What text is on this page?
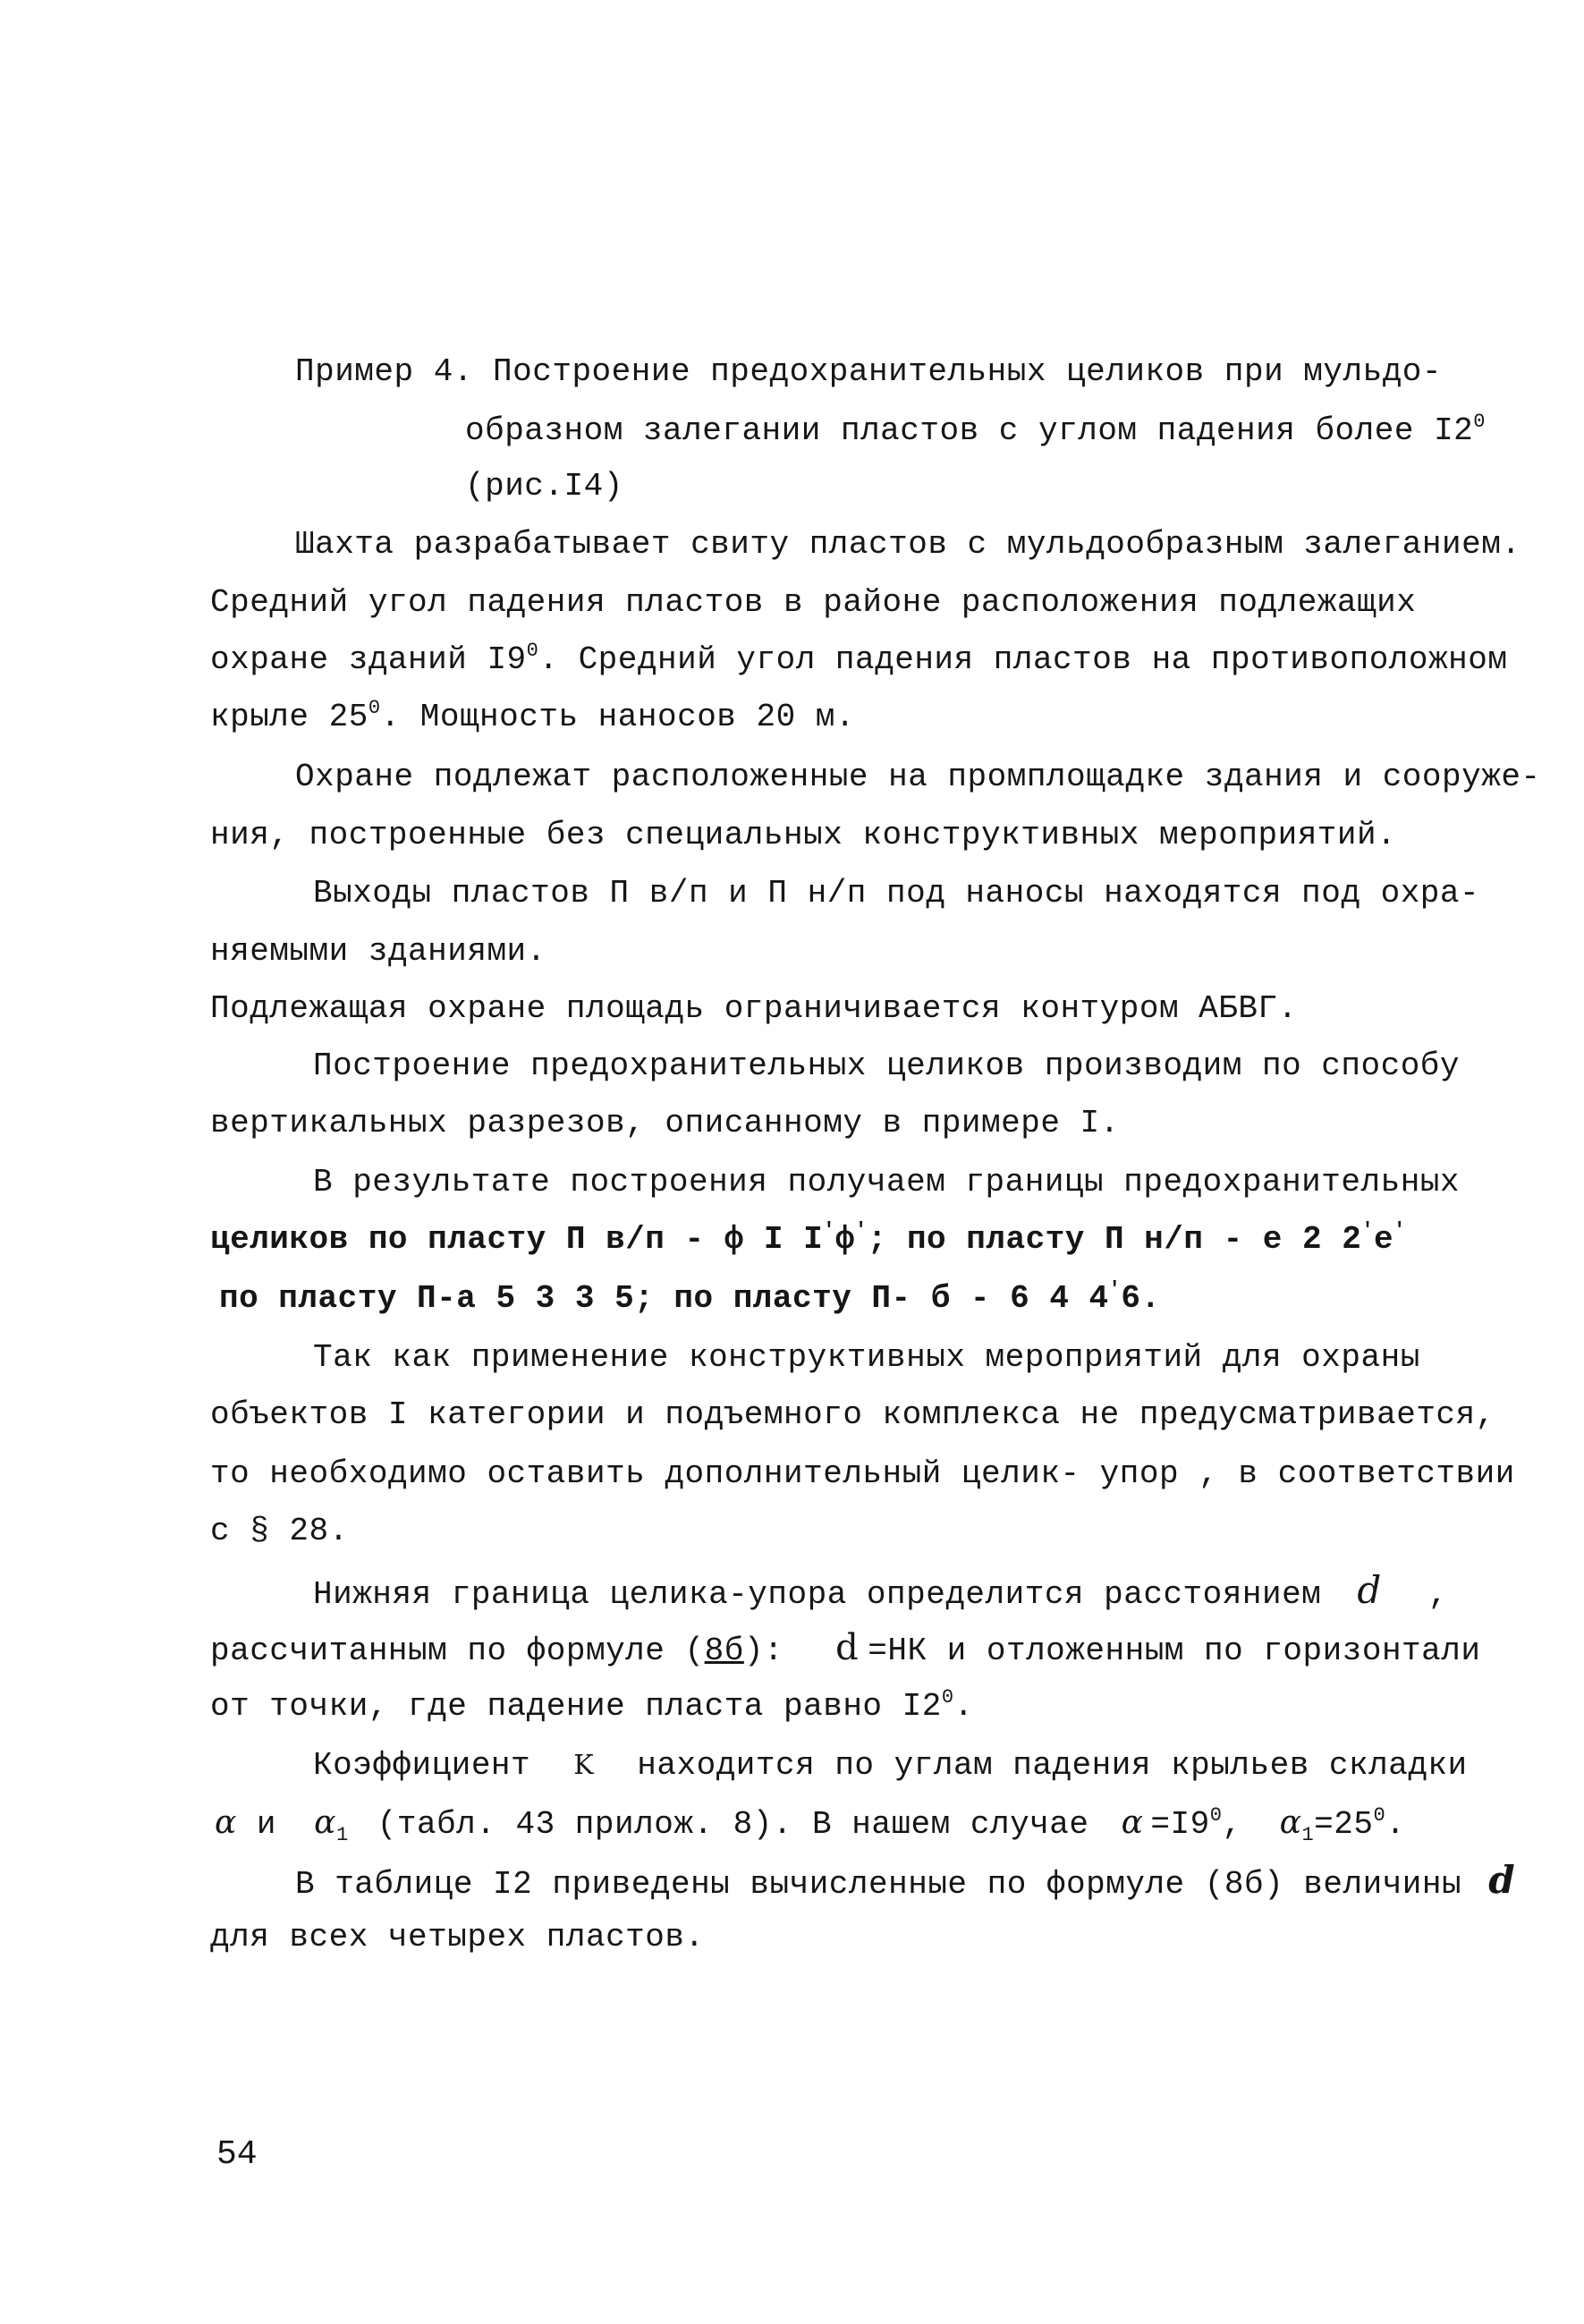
Пример 4. Построение предохранительных целиков при мульдо-
образном залегании пластов с углом падения более $I2^0$
(рис.I4)
Шахта разрабатывает свиту пластов с мульдообразным залеганием.
Средний угол падения пластов в районе расположения подлежащих
охране зданий $I9^0$. Средний угол падения пластов на противоположном
крыле $25^0$. Мощность наносов 20 м.
Охране подлежат расположенные на промплощадке здания и сооруже-
ния, построенные без специальных конструктивных мероприятий.
Выходы пластов П в/п и П н/п под наносы находятся под охра-
няемыми зданиями.
Подлежащая охране площадь ограничивается контуром АБВГ.
Построение предохранительных целиков производим по способу
вертикальных разрезов, описанному в примере I.
В результате построения получаем границы предохранительных
целиков по пласту П в/п - ф I I'ф'; по пласту П н/п - е 2 2'е'
по пласту П-а 5 3 3 5; по пласту П- б - 6 4 4'6.
Так как применение конструктивных мероприятий для охраны
объектов I категории и подъемного комплекса не предусматривается,
то необходимо оставить дополнительный целик- упор , в соответствии
с § 28.
Нижняя граница целика-упора определится расстоянием d ,
рассчитанным по формуле (8б): d =НК и отложенным по горизонтали
от точки, где падение пласта равно $I2^0$.
Коэффициент K находится по углам падения крыльев складки
α и $\alpha_1$ (табл. 43 прилож. 8). В нашем случае $\alpha =I9^0$, $\alpha_1=25^0$.
В таблице I2 приведены вычисленные по формуле (8б) величины d
для всех четырех пластов.
54
